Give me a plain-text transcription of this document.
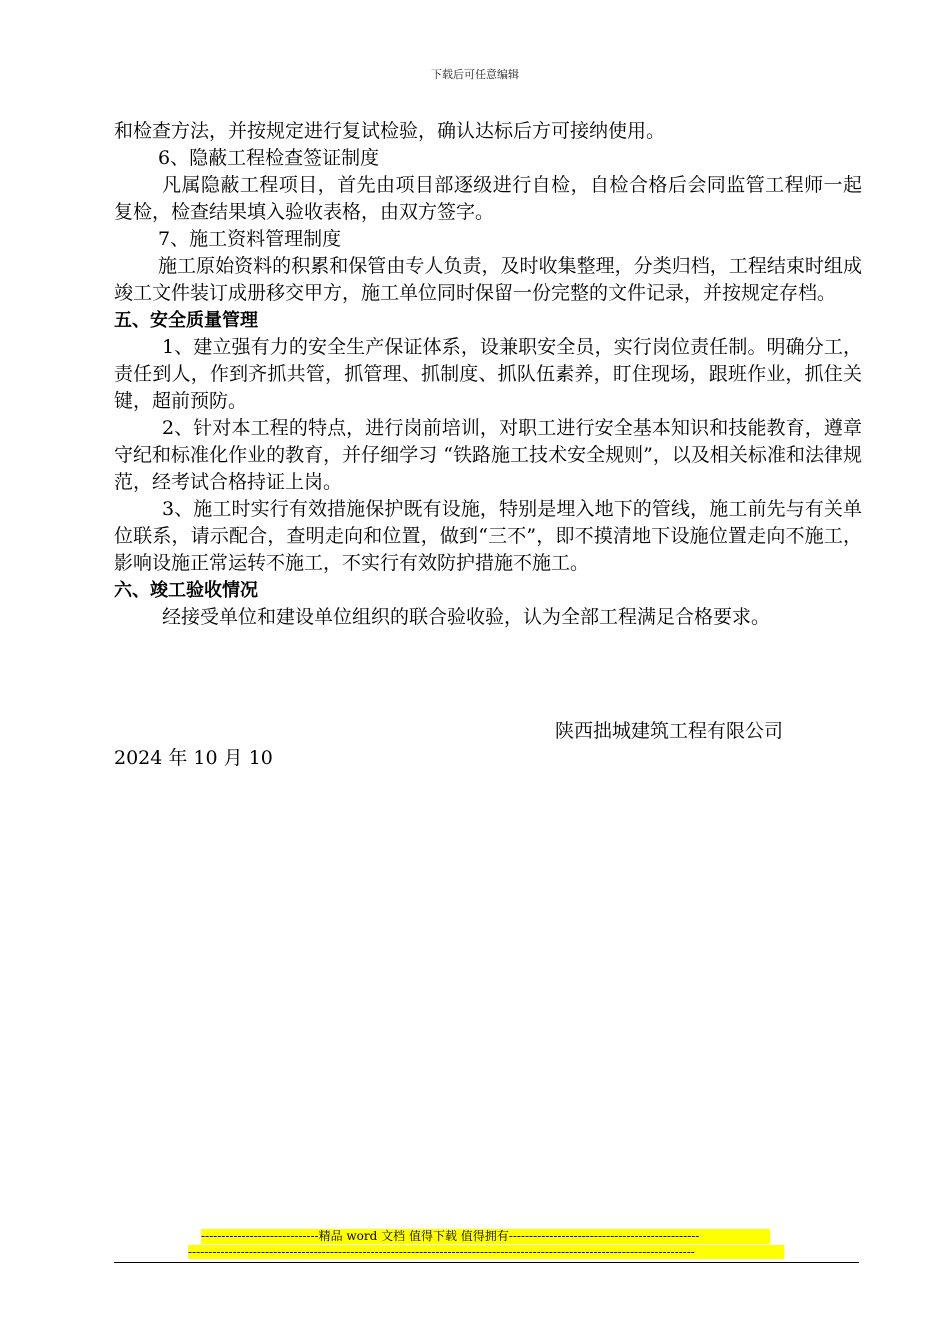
下载后可任意编辑

和检查方法，并按规定进行复试检验，确认达标后方可接纳使用。

6、隐蔽工程检查签证制度

凡属隐蔽工程项目，首先由项目部逐级进行自检，自检合格后会同监管工程师一起复检，检查结果填入验收表格，由双方签字。

7、施工资料管理制度

施工原始资料的积累和保管由专人负责，及时收集整理，分类归档，工程结束时组成竣工文件装订成册移交甲方，施工单位同时保留一份完整的文件记录，并按规定存档。

五、安全质量管理

1、建立强有力的安全生产保证体系，设兼职安全员，实行岗位责任制。明确分工，责任到人，作到齐抓共管，抓管理、抓制度、抓队伍素养，盯住现场，跟班作业，抓住关键，超前预防。

2、针对本工程的特点，进行岗前培训，对职工进行安全基本知识和技能教育，遵章守纪和标准化作业的教育，并仔细学习 “铁路施工技术安全规则”，以及相关标准和法律规范，经考试合格持证上岗。

3、施工时实行有效措施保护既有设施，特别是埋入地下的管线，施工前先与有关单位联系，请示配合，查明走向和位置，做到“三不”，即不摸清地下设施位置走向不施工，影响设施正常运转不施工，不实行有效防护措施不施工。

六、竣工验收情况

经接受单位和建设单位组织的联合验收验，认为全部工程满足合格要求。

陕西拙城建筑工程有限公司
2024 年 10 月 10
-----------------------------精品 word 文档 值得下载 值得拥有-----------------------------------------------
-----------------------------------------------------------------------------------------------------------------------------
